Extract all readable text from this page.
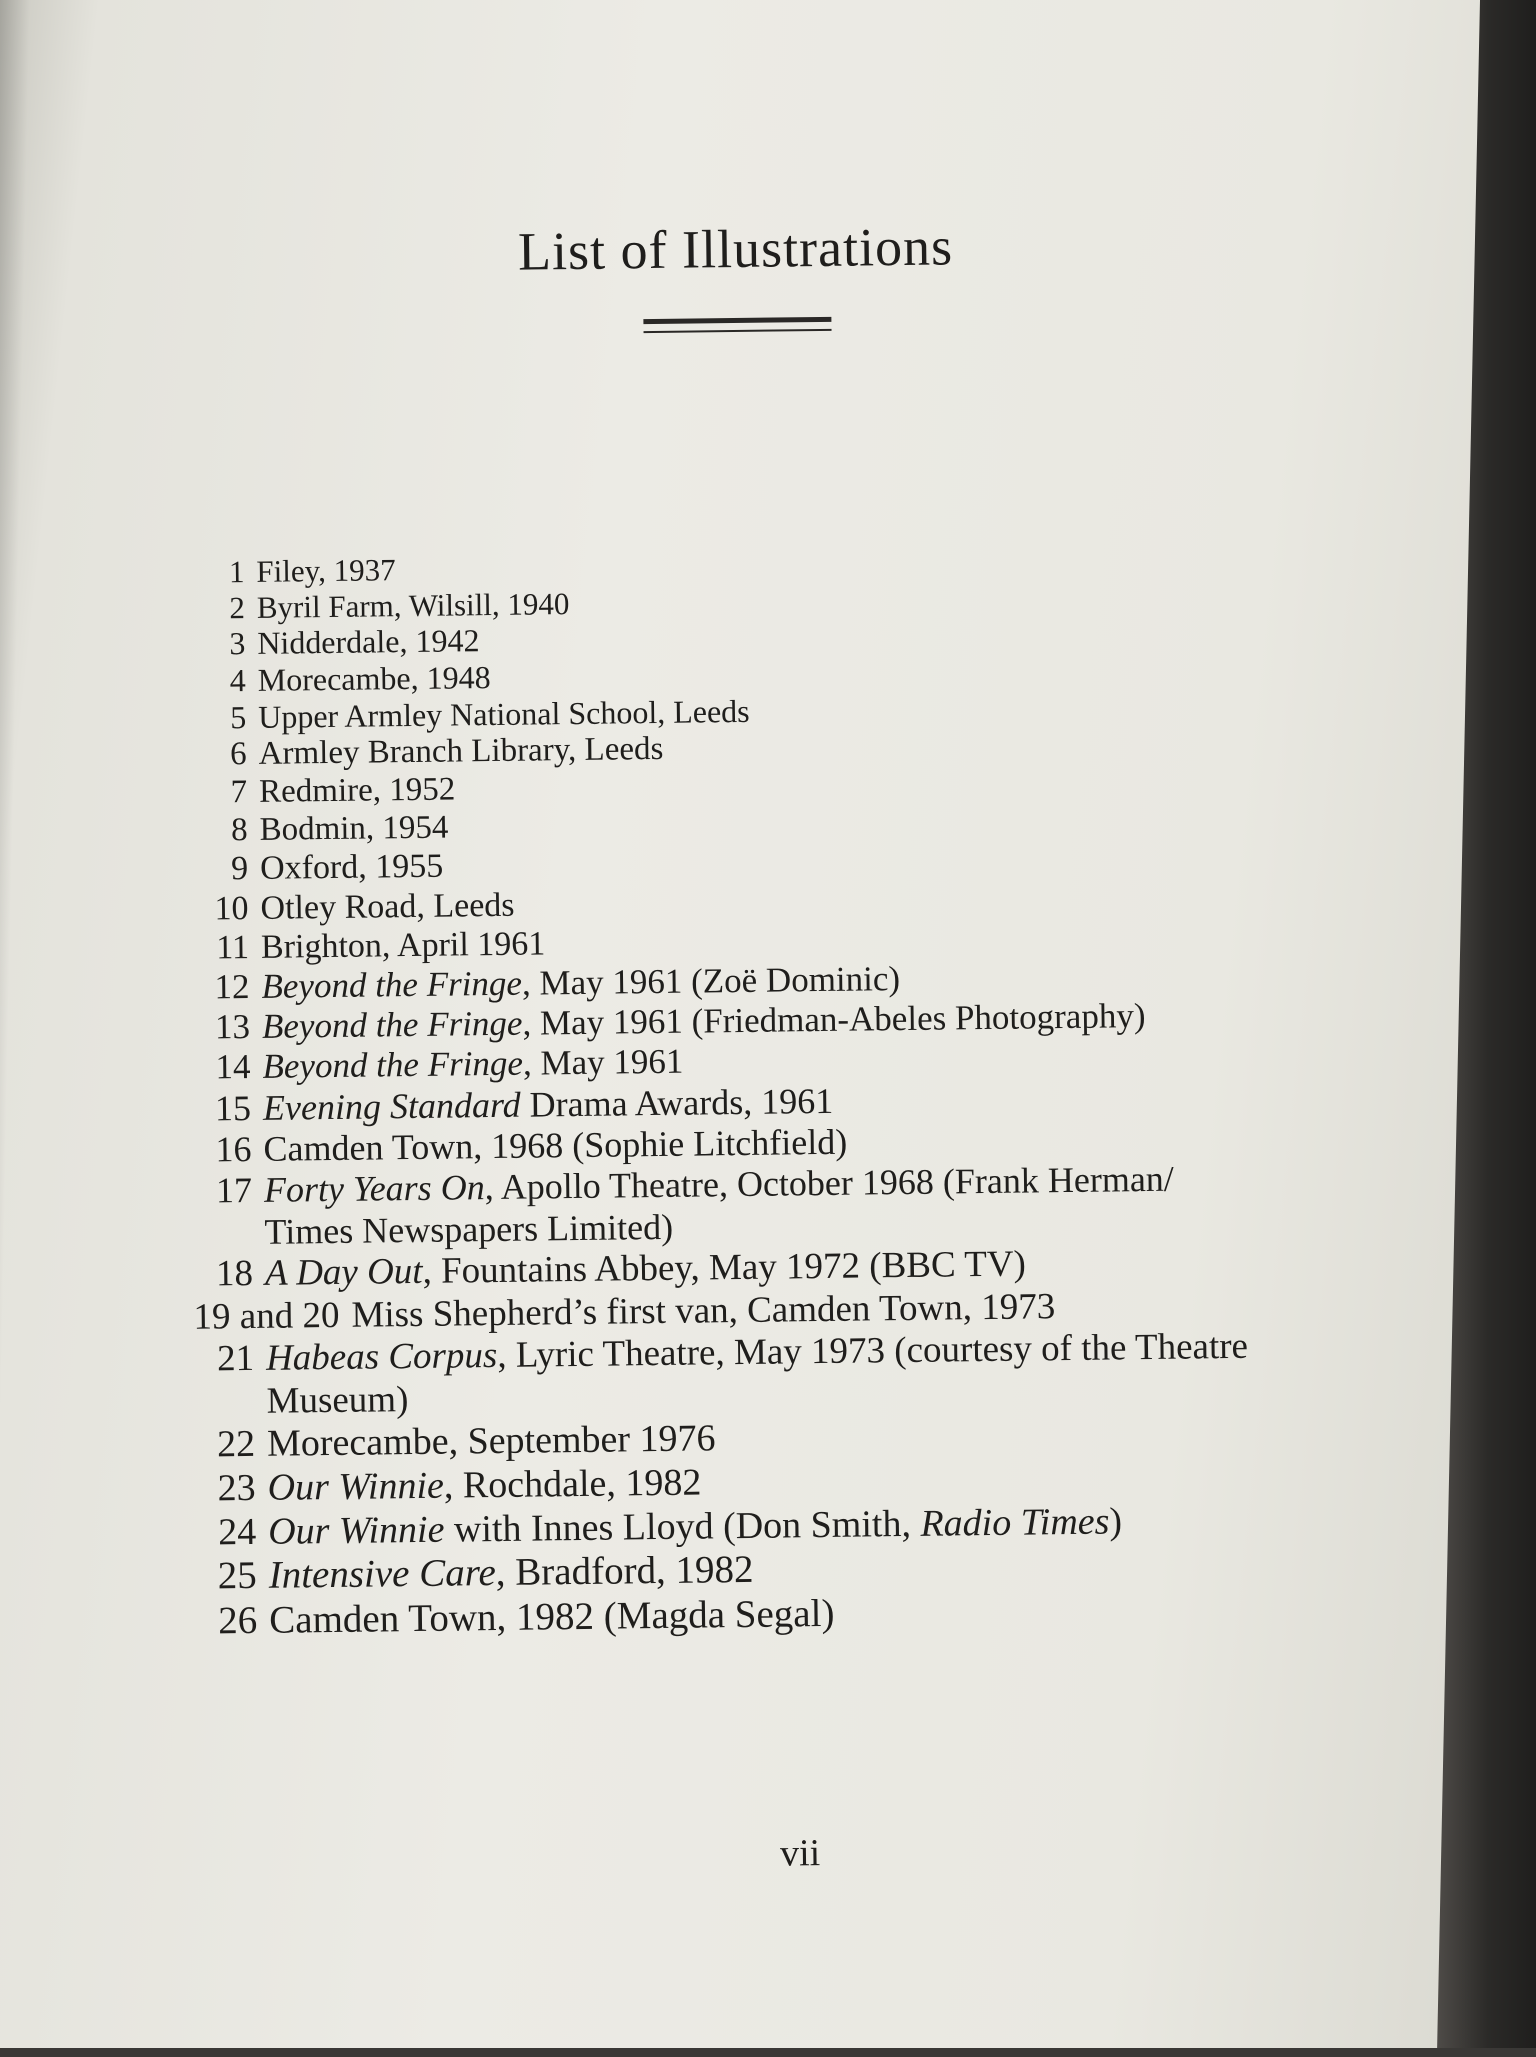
List of Illustrations
1 Filey, 1937
2 Byril Farm, Wilsill, 1940
3 Nidderdale, 1942
4 Morecambe, 1948
5 Upper Armley National School, Leeds
6 Armley Branch Library, Leeds
7 Redmire, 1952
8 Bodmin, 1954
9 Oxford, 1955
10 Otley Road, Leeds
11 Brighton, April 1961
12 Beyond the Fringe, May 1961 (Zoë Dominic)
13 Beyond the Fringe, May 1961 (Friedman-Abeles Photography)
14 Beyond the Fringe, May 1961
15 Evening Standard Drama Awards, 1961
16 Camden Town, 1968 (Sophie Litchfield)
17 Forty Years On, Apollo Theatre, October 1968 (Frank Herman/
Times Newspapers Limited)
18 A Day Out, Fountains Abbey, May 1972 (BBC TV)
19 and 20 Miss Shepherd’s first van, Camden Town, 1973
21 Habeas Corpus, Lyric Theatre, May 1973 (courtesy of the Theatre
Museum)
22 Morecambe, September 1976
23 Our Winnie, Rochdale, 1982
24 Our Winnie with Innes Lloyd (Don Smith, Radio Times)
25 Intensive Care, Bradford, 1982
26 Camden Town, 1982 (Magda Segal)

vii
